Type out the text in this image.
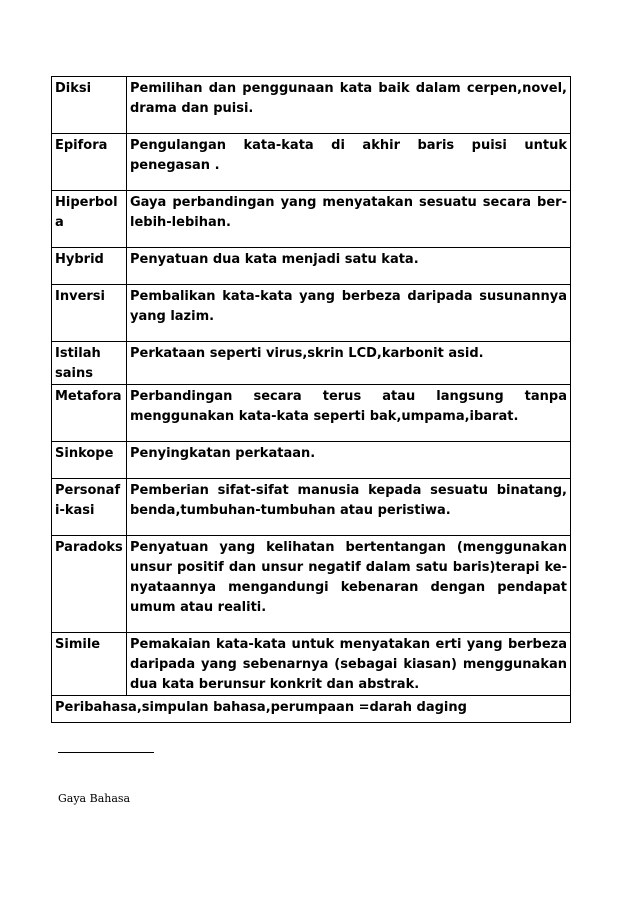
Diksi	Pemilihan dan penggunaan kata baik dalam cerpen,novel, drama dan puisi.
Epifora	Pengulangan kata-kata di akhir baris puisi untuk penegasan .
Hiperbola	Gaya perbandingan yang menyatakan sesuatu secara ber-lebih-lebihan.
Hybrid	Penyatuan dua kata menjadi satu kata.
Inversi	Pembalikan kata-kata yang berbeza daripada susunannya yang lazim.
Istilah sains	Perkataan seperti virus,skrin LCD,karbonit asid.
Metafora	Perbandingan secara terus atau langsung tanpa menggunakan kata-kata seperti bak,umpama,ibarat.
Sinkope	Penyingkatan perkataan.
Personafi-kasi	Pemberian sifat-sifat manusia kepada sesuatu binatang, benda,tumbuhan-tumbuhan atau peristiwa.
Paradoks	Penyatuan yang kelihatan bertentangan (menggunakan unsur positif dan unsur negatif dalam satu baris)terapi ke-nyataannya mengandungi kebenaran dengan pendapat umum atau realiti.
Simile	Pemakaian kata-kata untuk menyatakan erti yang berbeza daripada yang sebenarnya (sebagai kiasan) menggunakan dua kata berunsur konkrit dan abstrak.
Peribahasa,simpulan bahasa,perumpaan =darah daging	
Gaya Bahasa
